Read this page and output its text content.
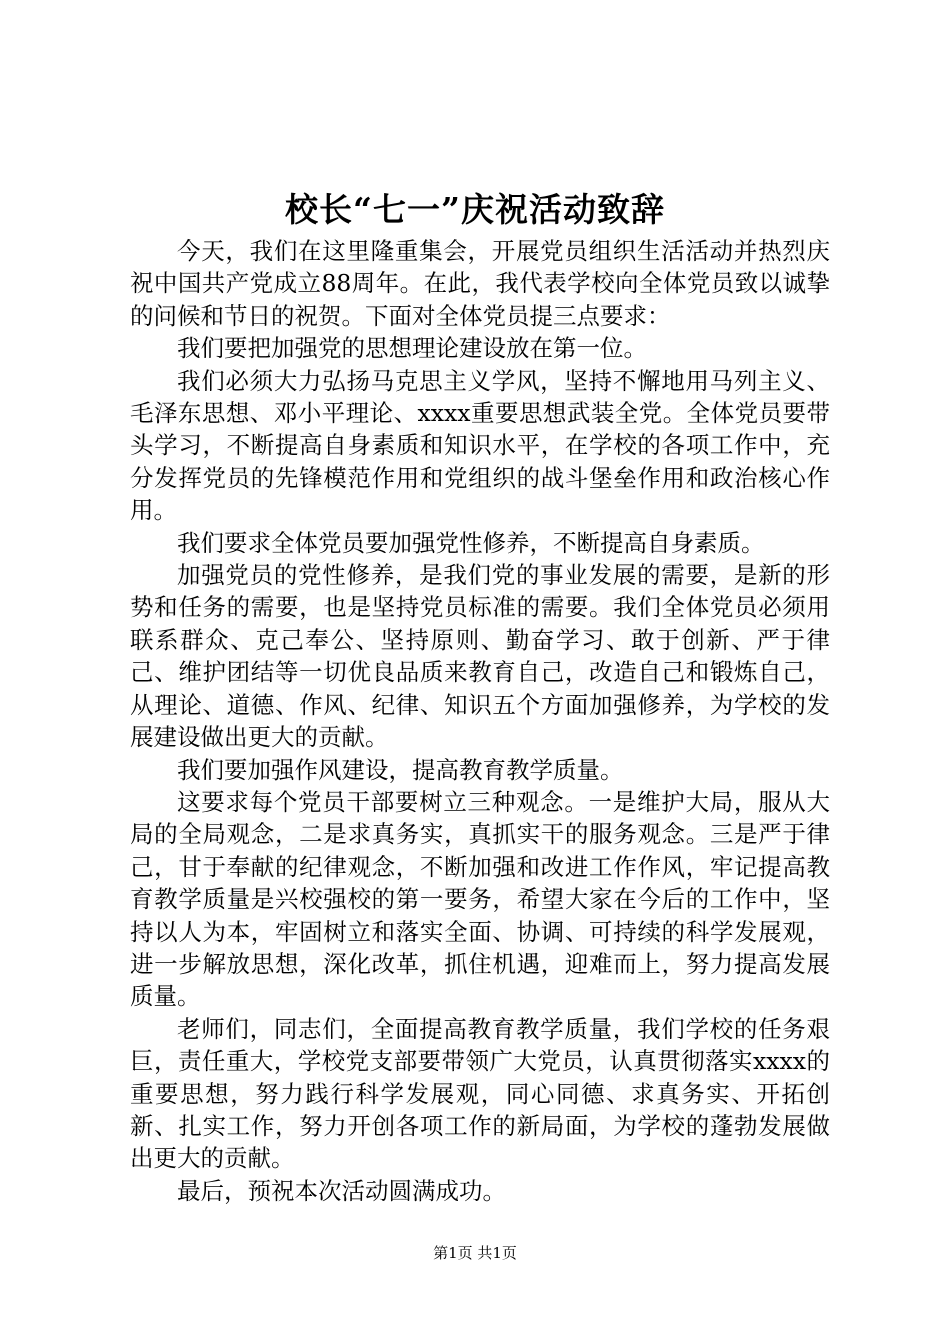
校长“七一”庆祝活动致辞

今天，我们在这里隆重集会，开展党员组织生活活动并热烈庆祝中国共产党成立88周年。在此，我代表学校向全体党员致以诚挚的问候和节日的祝贺。下面对全体党员提三点要求：

我们要把加强党的思想理论建设放在第一位。

我们必须大力弘扬马克思主义学风，坚持不懈地用马列主义、毛泽东思想、邓小平理论、xxxx重要思想武装全党。全体党员要带头学习，不断提高自身素质和知识水平，在学校的各项工作中，充分发挥党员的先锋模范作用和党组织的战斗堡垒作用和政治核心作用。

我们要求全体党员要加强党性修养，不断提高自身素质。

加强党员的党性修养，是我们党的事业发展的需要，是新的形势和任务的需要，也是坚持党员标准的需要。我们全体党员必须用联系群众、克己奉公、坚持原则、勤奋学习、敢于创新、严于律己、维护团结等一切优良品质来教育自己，改造自己和锻炼自己，从理论、道德、作风、纪律、知识五个方面加强修养，为学校的发展建设做出更大的贡献。

我们要加强作风建设，提高教育教学质量。

这要求每个党员干部要树立三种观念。一是维护大局，服从大局的全局观念，二是求真务实，真抓实干的服务观念。三是严于律己，甘于奉献的纪律观念，不断加强和改进工作作风，牢记提高教育教学质量是兴校强校的第一要务，希望大家在今后的工作中，坚持以人为本，牢固树立和落实全面、协调、可持续的科学发展观，进一步解放思想，深化改革，抓住机遇，迎难而上，努力提高发展质量。

老师们，同志们，全面提高教育教学质量，我们学校的任务艰巨，责任重大，学校党支部要带领广大党员，认真贯彻落实xxxx的重要思想，努力践行科学发展观，同心同德、求真务实、开拓创新、扎实工作，努力开创各项工作的新局面，为学校的蓬勃发展做出更大的贡献。

最后，预祝本次活动圆满成功。

第1页 共1页
